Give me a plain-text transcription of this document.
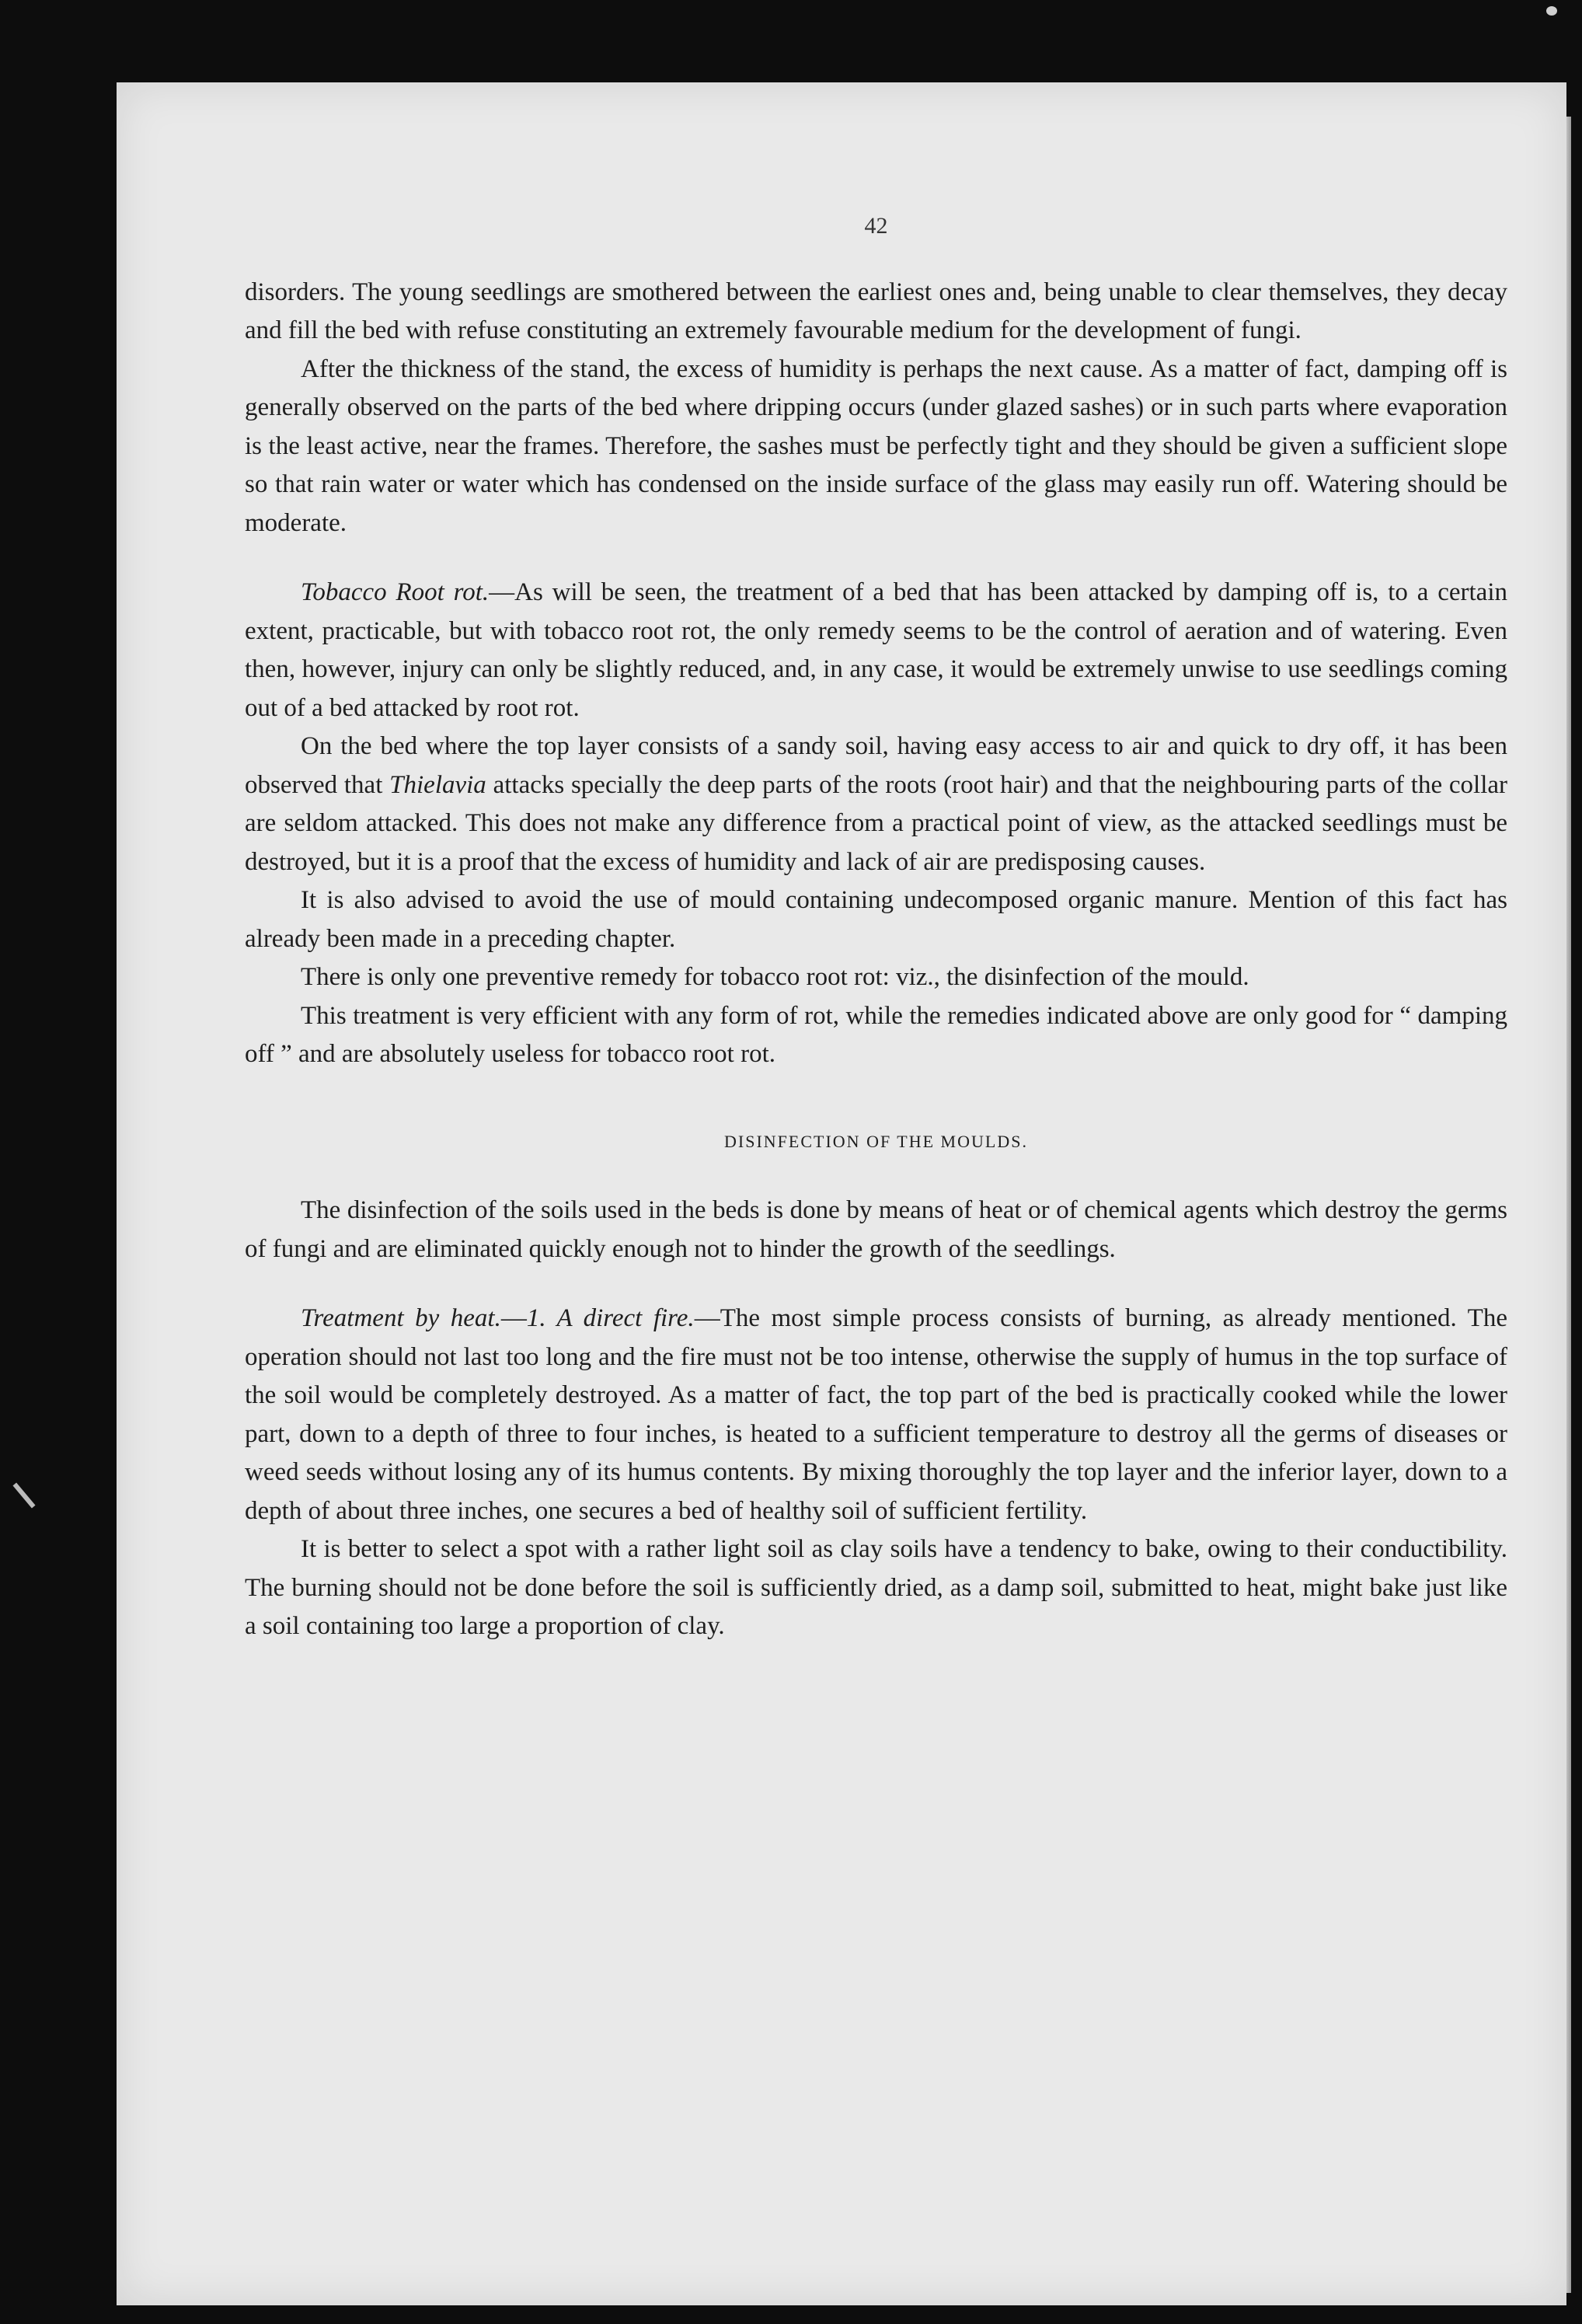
42

disorders. The young seedlings are smothered between the earliest ones and, being unable to clear themselves, they decay and fill the bed with refuse constituting an extremely favourable medium for the development of fungi.

After the thickness of the stand, the excess of humidity is perhaps the next cause. As a matter of fact, damping off is generally observed on the parts of the bed where dripping occurs (under glazed sashes) or in such parts where evaporation is the least active, near the frames. Therefore, the sashes must be perfectly tight and they should be given a sufficient slope so that rain water or water which has condensed on the inside surface of the glass may easily run off. Watering should be moderate.

Tobacco Root rot.—As will be seen, the treatment of a bed that has been attacked by damping off is, to a certain extent, practicable, but with tobacco root rot, the only remedy seems to be the control of aeration and of watering. Even then, however, injury can only be slightly reduced, and, in any case, it would be extremely unwise to use seedlings coming out of a bed attacked by root rot.

On the bed where the top layer consists of a sandy soil, having easy access to air and quick to dry off, it has been observed that Thielavia attacks specially the deep parts of the roots (root hair) and that the neighbouring parts of the collar are seldom attacked. This does not make any difference from a practical point of view, as the attacked seedlings must be destroyed, but it is a proof that the excess of humidity and lack of air are predisposing causes.

It is also advised to avoid the use of mould containing undecomposed organic manure. Mention of this fact has already been made in a preceding chapter.

There is only one preventive remedy for tobacco root rot: viz., the disinfection of the mould.

This treatment is very efficient with any form of rot, while the remedies indicated above are only good for “ damping off ” and are absolutely useless for tobacco root rot.

DISINFECTION OF THE MOULDS.

The disinfection of the soils used in the beds is done by means of heat or of chemical agents which destroy the germs of fungi and are eliminated quickly enough not to hinder the growth of the seedlings.

Treatment by heat.—1. A direct fire.—The most simple process consists of burning, as already mentioned. The operation should not last too long and the fire must not be too intense, otherwise the supply of humus in the top surface of the soil would be completely destroyed. As a matter of fact, the top part of the bed is practically cooked while the lower part, down to a depth of three to four inches, is heated to a sufficient temperature to destroy all the germs of diseases or weed seeds without losing any of its humus contents. By mixing thoroughly the top layer and the inferior layer, down to a depth of about three inches, one secures a bed of healthy soil of sufficient fertility.

It is better to select a spot with a rather light soil as clay soils have a tendency to bake, owing to their conductibility. The burning should not be done before the soil is sufficiently dried, as a damp soil, submitted to heat, might bake just like a soil containing too large a proportion of clay.
